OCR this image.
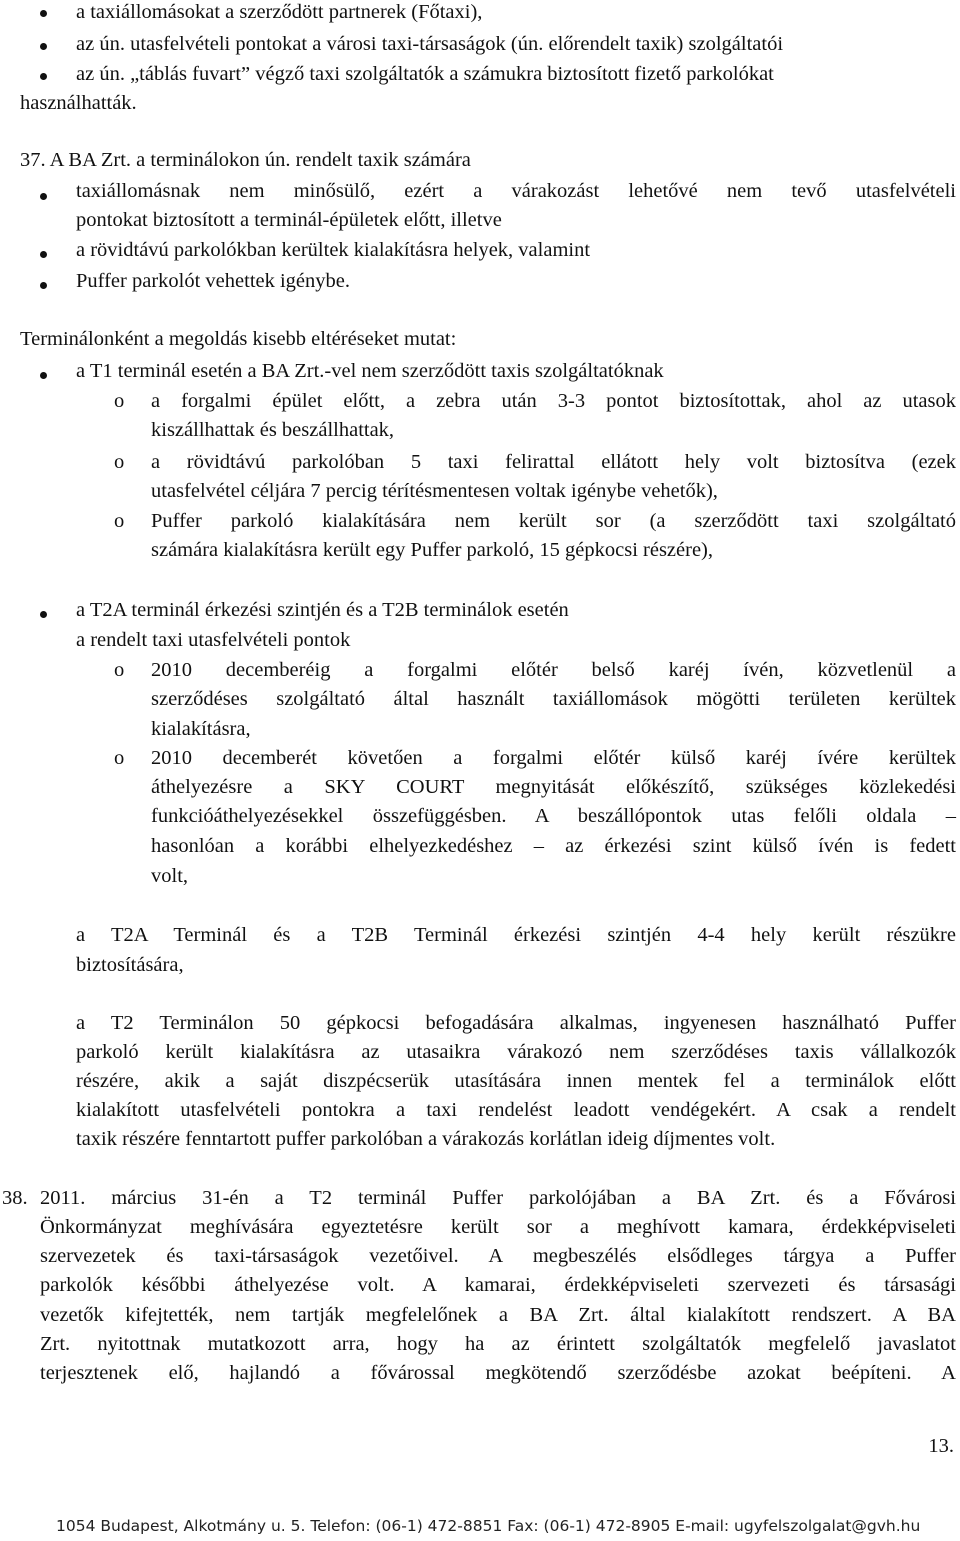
a taxiállomásokat a szerződött partnerek (Főtaxi),
az ún. utasfelvételi pontokat a városi taxi-társaságok (ún. előrendelt taxik) szolgáltatói
az ún. „táblás fuvart” végző taxi szolgáltatók a számukra biztosított fizető parkolókat
használhatták.
37. A BA Zrt. a terminálokon ún. rendelt taxik számára
taxiállomásnak nem minősülő, ezért a várakozást lehetővé nem tevő utasfelvételi
pontokat biztosított a terminál-épületek előtt, illetve
a rövidtávú parkolókban kerültek kialakításra helyek, valamint
Puffer parkolót vehettek igénybe.
Terminálonként a megoldás kisebb eltéréseket mutat:
a T1 terminál esetén a BA Zrt.-vel nem szerződött taxis szolgáltatóknak
o a forgalmi épület előtt, a zebra után 3-3 pontot biztosítottak, ahol az utasok
kiszállhattak és beszállhattak,
o a rövidtávú parkolóban 5 taxi felirattal ellátott hely volt biztosítva (ezek
utasfelvétel céljára 7 percig térítésmentesen voltak igénybe vehetők),
o Puffer parkoló kialakítására nem került sor (a szerződött taxi szolgáltató
számára kialakításra került egy Puffer parkoló, 15 gépkocsi részére),
a T2A terminál érkezési szintjén és a T2B terminálok esetén
a rendelt taxi utasfelvételi pontok
o 2010 decemberéig a forgalmi előtér belső karéj ívén, közvetlenül a
szerződéses szolgáltató által használt taxiállomások mögötti területen kerültek
kialakításra,
o 2010 decemberét követően a forgalmi előtér külső karéj ívére kerültek
áthelyezésre a SKY COURT megnyitását előkészítő, szükséges közlekedési
funkcióáthelyezésekkel összefüggésben. A beszállópontok utas felőli oldala –
hasonlóan a korábbi elhelyezkedéshez – az érkezési szint külső ívén is fedett
volt,
a T2A Terminál és a T2B Terminál érkezési szintjén 4-4 hely került részükre
biztosítására,
a T2 Terminálon 50 gépkocsi befogadására alkalmas, ingyenesen használható Puffer
parkoló került kialakításra az utasaikra várakozó nem szerződéses taxis vállalkozók
részére, akik a saját diszpécserük utasítására innen mentek fel a terminálok előtt
kialakított utasfelvételi pontokra a taxi rendelést leadott vendégekért. A csak a rendelt
taxik részére fenntartott puffer parkolóban a várakozás korlátlan ideig díjmentes volt.
38. 2011. március 31-én a T2 terminál Puffer parkolójában a BA Zrt. és a Fővárosi
Önkormányzat meghívására egyeztetésre került sor a meghívott kamara, érdekképviseleti
szervezetek és taxi-társaságok vezetőivel. A megbeszélés elsődleges tárgya a Puffer
parkolók későbbi áthelyezése volt. A kamarai, érdekképviseleti szervezeti és társasági
vezetők kifejtették, nem tartják megfelelőnek a BA Zrt. által kialakított rendszert. A BA
Zrt. nyitottnak mutatkozott arra, hogy ha az érintett szolgáltatók megfelelő javaslatot
terjesztenek elő, hajlandó a fővárossal megkötendő szerződésbe azokat beépíteni. A
13.
1054 Budapest, Alkotmány u. 5. Telefon: (06-1) 472-8851 Fax: (06-1) 472-8905 E-mail: ugyfelszolgalat@gvh.hu
